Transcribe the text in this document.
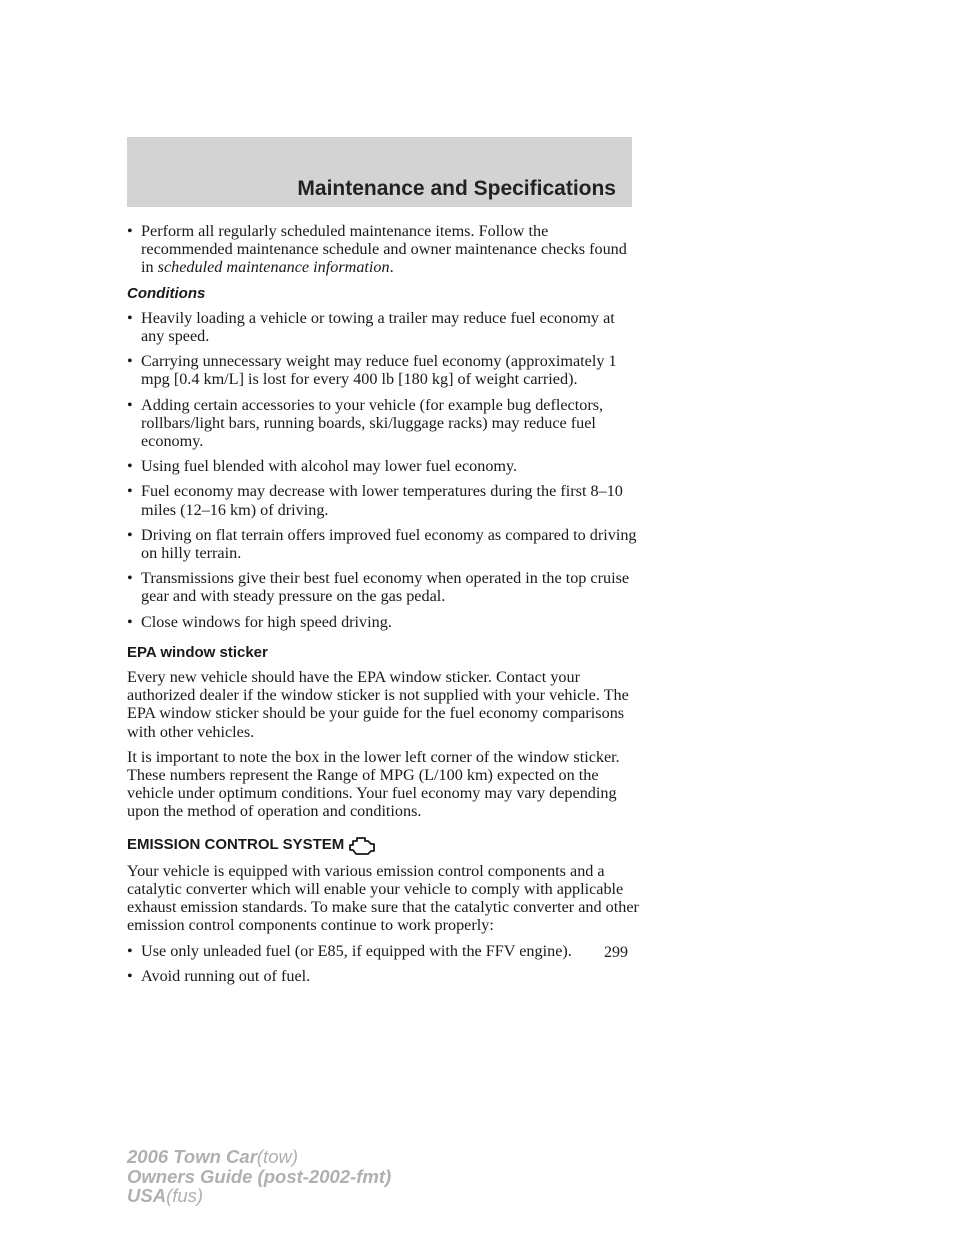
Maintenance and Specifications
• Perform all regularly scheduled maintenance items. Follow the recommended maintenance schedule and owner maintenance checks found in scheduled maintenance information.
Conditions
• Heavily loading a vehicle or towing a trailer may reduce fuel economy at any speed.
• Carrying unnecessary weight may reduce fuel economy (approximately 1 mpg [0.4 km/L] is lost for every 400 lb [180 kg] of weight carried).
• Adding certain accessories to your vehicle (for example bug deflectors, rollbars/light bars, running boards, ski/luggage racks) may reduce fuel economy.
• Using fuel blended with alcohol may lower fuel economy.
• Fuel economy may decrease with lower temperatures during the first 8–10 miles (12–16 km) of driving.
• Driving on flat terrain offers improved fuel economy as compared to driving on hilly terrain.
• Transmissions give their best fuel economy when operated in the top cruise gear and with steady pressure on the gas pedal.
• Close windows for high speed driving.
EPA window sticker

Every new vehicle should have the EPA window sticker. Contact your authorized dealer if the window sticker is not supplied with your vehicle. The EPA window sticker should be your guide for the fuel economy comparisons with other vehicles.

It is important to note the box in the lower left corner of the window sticker. These numbers represent the Range of MPG (L/100 km) expected on the vehicle under optimum conditions. Your fuel economy may vary depending upon the method of operation and conditions.

EMISSION CONTROL SYSTEM

Your vehicle is equipped with various emission control components and a catalytic converter which will enable your vehicle to comply with applicable exhaust emission standards. To make sure that the catalytic converter and other emission control components continue to work properly:

• Use only unleaded fuel (or E85, if equipped with the FFV engine).
• Avoid running out of fuel.
299
2006 Town Car(tow)
Owners Guide (post-2002-fmt)
USA(fus)
